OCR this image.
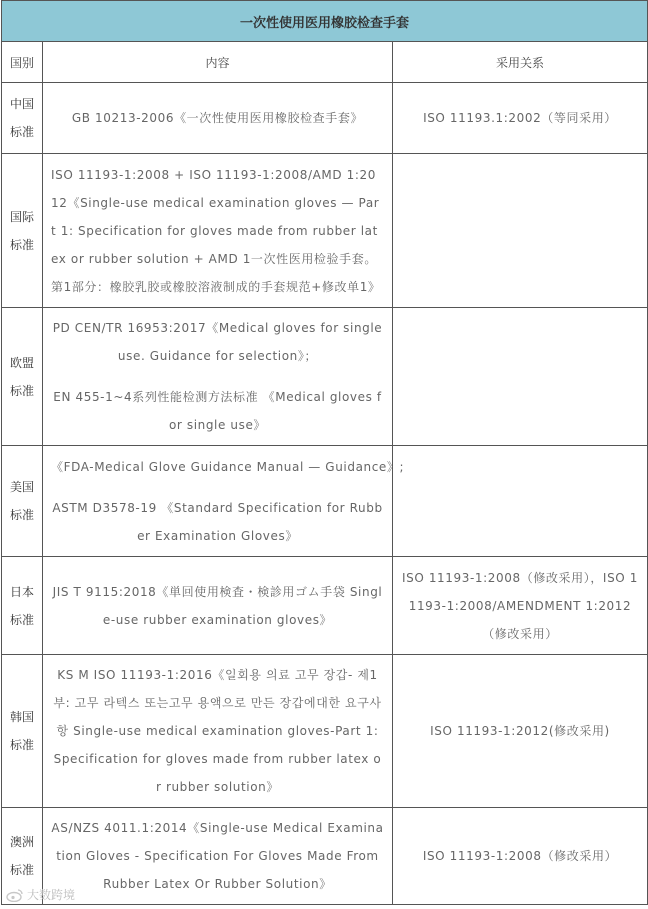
一次性使用医用橡胶检查手套		
国别	内容	采用关系

中国
标准	GB 10213-2006《一次性使用医用橡胶检查手套》	ISO 11193.1:2002（等同采用）

国际
标准	ISO 11193-1:2008 + ISO 11193-1:2008/AMD 1:2012《Single-use medical examination gloves — Part 1: Specification for gloves made from rubber latex or rubber solution + AMD 1一次性医用检验手套。第1部分：橡胶乳胶或橡胶溶液制成的手套规范+修改单1》	

欧盟
标准	PD CEN/TR 16953:2017《Medical gloves for single use. Guidance for selection》；
EN 455-1~4系列性能检测方法标准 《Medical gloves for single use》	

美国
标准	《FDA-Medical Glove Guidance Manual — Guidance》;
ASTM D3578-19 《Standard Specification for Rubber Examination Gloves》	

日本
标准	JIS T 9115:2018《単回使用検査・検診用ゴム手袋 Single-use rubber examination gloves》	ISO 11193-1:2008（修改采用），ISO 11193-1:2008/AMENDMENT 1:2012（修改采用）

韩国
标准	KS M ISO 11193-1:2016《일회용 의료 고무 장갑- 제1부: 고무 라텍스 또는고무 용액으로 만든 장갑에대한 요구사항 Single-use medical examination gloves-Part 1: Specification for gloves made from rubber latex or rubber solution》	ISO 11193-1:2012(修改采用)

澳洲
标准	AS/NZS 4011.1:2014《Single-use Medical Examination Gloves - Specification For Gloves Made From Rubber Latex Or Rubber Solution》	ISO 11193-1:2008（修改采用）
大数跨境
